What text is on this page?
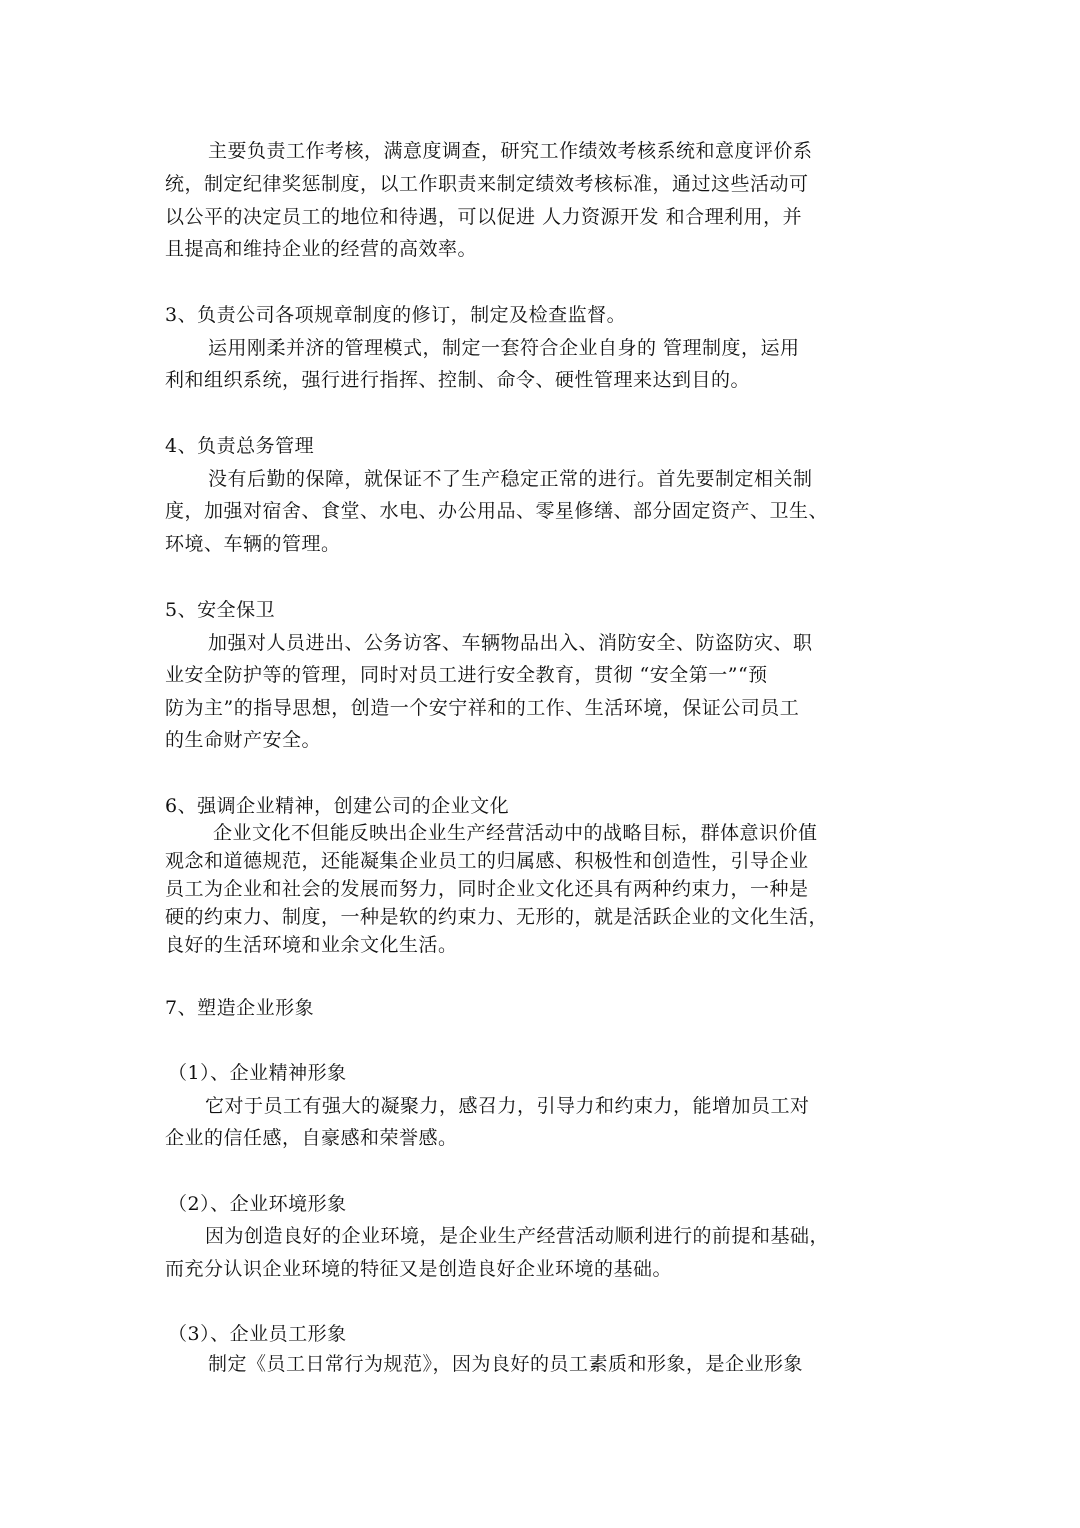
主要负责工作考核，满意度调查，研究工作绩效考核系统和意度评价系
统，制定纪律奖惩制度，以工作职责来制定绩效考核标准，通过这些活动可
以公平的决定员工的地位和待遇，可以促进 人力资源开发 和合理利用，并
且提高和维持企业的经营的高效率。
3、负责公司各项规章制度的修订，制定及检查监督。
运用刚柔并济的管理模式，制定一套符合企业自身的 管理制度，运用
利和组织系统，强行进行指挥、控制、命令、硬性管理来达到目的。
4、负责总务管理
没有后勤的保障，就保证不了生产稳定正常的进行。首先要制定相关制
度，加强对宿舍、食堂、水电、办公用品、零星修缮、部分固定资产、卫生、
环境、车辆的管理。
5、安全保卫
加强对人员进出、公务访客、车辆物品出入、消防安全、防盗防灾、职
业安全防护等的管理，同时对员工进行安全教育，贯彻 “安全第一”“预
防为主”的指导思想，创造一个安宁祥和的工作、生活环境，保证公司员工
的生命财产安全。
6、强调企业精神，创建公司的企业文化
企业文化不但能反映出企业生产经营活动中的战略目标，群体意识价值
观念和道德规范，还能凝集企业员工的归属感、积极性和创造性，引导企业
员工为企业和社会的发展而努力，同时企业文化还具有两种约束力，一种是
硬的约束力、制度，一种是软的约束力、无形的，就是活跃企业的文化生活，
良好的生活环境和业余文化生活。
7、塑造企业形象
（1）、企业精神形象
它对于员工有强大的凝聚力，感召力，引导力和约束力，能增加员工对
企业的信任感，自豪感和荣誉感。
（2）、企业环境形象
因为创造良好的企业环境，是企业生产经营活动顺利进行的前提和基础，
而充分认识企业环境的特征又是创造良好企业环境的基础。
（3）、企业员工形象
制定《员工日常行为规范》，因为良好的员工素质和形象，是企业形象
